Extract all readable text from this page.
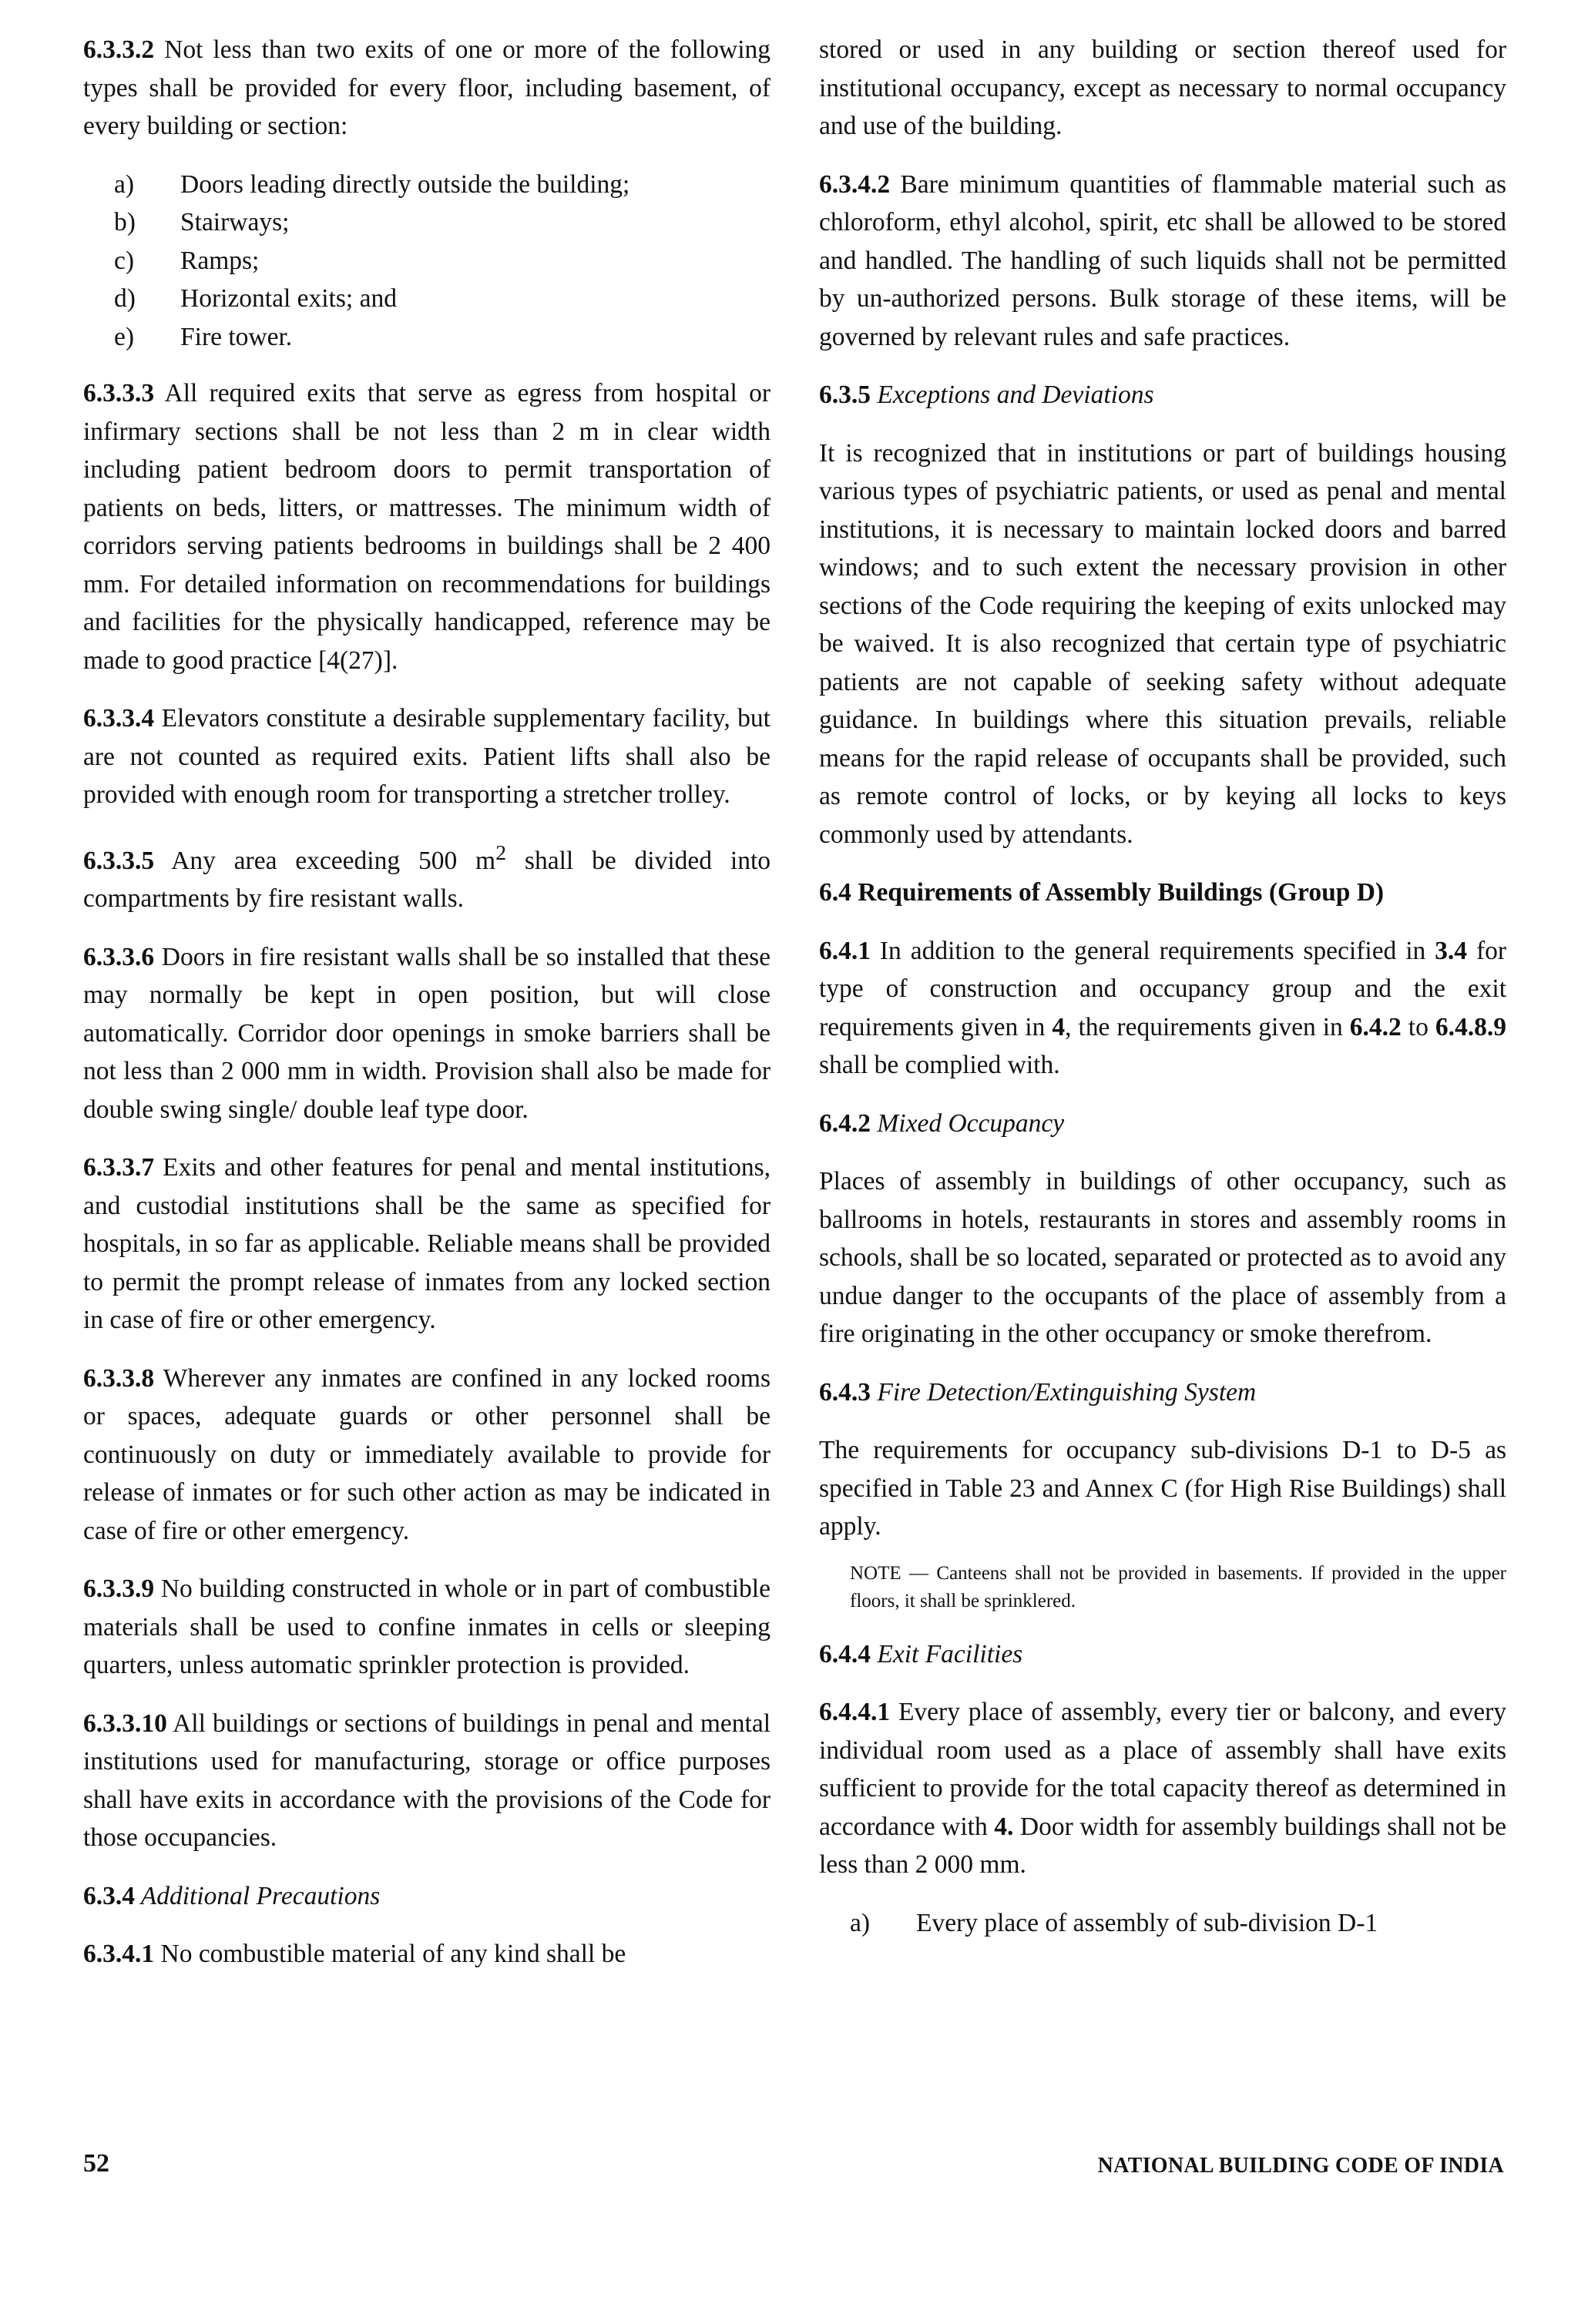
6.3.3.2 Not less than two exits of one or more of the following types shall be provided for every floor, including basement, of every building or section:

a)	Doors leading directly outside the building;
b)	Stairways;
c)	Ramps;
d)	Horizontal exits; and
e)	Fire tower.

6.3.3.3 All required exits that serve as egress from hospital or infirmary sections shall be not less than 2 m in clear width including patient bedroom doors to permit transportation of patients on beds, litters, or mattresses. The minimum width of corridors serving patients bedrooms in buildings shall be 2 400 mm. For detailed information on recommendations for buildings and facilities for the physically handicapped, reference may be made to good practice [4(27)].

6.3.3.4 Elevators constitute a desirable supplementary facility, but are not counted as required exits. Patient lifts shall also be provided with enough room for transporting a stretcher trolley.

6.3.3.5 Any area exceeding 500 $m^2$ shall be divided into compartments by fire resistant walls.

6.3.3.6 Doors in fire resistant walls shall be so installed that these may normally be kept in open position, but will close automatically. Corridor door openings in smoke barriers shall be not less than 2 000 mm in width. Provision shall also be made for double swing single/ double leaf type door.

6.3.3.7 Exits and other features for penal and mental institutions, and custodial institutions shall be the same as specified for hospitals, in so far as applicable. Reliable means shall be provided to permit the prompt release of inmates from any locked section in case of fire or other emergency.

6.3.3.8 Wherever any inmates are confined in any locked rooms or spaces, adequate guards or other personnel shall be continuously on duty or immediately available to provide for release of inmates or for such other action as may be indicated in case of fire or other emergency.

6.3.3.9 No building constructed in whole or in part of combustible materials shall be used to confine inmates in cells or sleeping quarters, unless automatic sprinkler protection is provided.

6.3.3.10 All buildings or sections of buildings in penal and mental institutions used for manufacturing, storage or office purposes shall have exits in accordance with the provisions of the Code for those occupancies.

6.3.4 Additional Precautions

6.3.4.1 No combustible material of any kind shall be

stored or used in any building or section thereof used for institutional occupancy, except as necessary to normal occupancy and use of the building.

6.3.4.2 Bare minimum quantities of flammable material such as chloroform, ethyl alcohol, spirit, etc shall be allowed to be stored and handled. The handling of such liquids shall not be permitted by un-authorized persons. Bulk storage of these items, will be governed by relevant rules and safe practices.

6.3.5 Exceptions and Deviations

It is recognized that in institutions or part of buildings housing various types of psychiatric patients, or used as penal and mental institutions, it is necessary to maintain locked doors and barred windows; and to such extent the necessary provision in other sections of the Code requiring the keeping of exits unlocked may be waived. It is also recognized that certain type of psychiatric patients are not capable of seeking safety without adequate guidance. In buildings where this situation prevails, reliable means for the rapid release of occupants shall be provided, such as remote control of locks, or by keying all locks to keys commonly used by attendants.

6.4 Requirements of Assembly Buildings (Group D)

6.4.1 In addition to the general requirements specified in 3.4 for type of construction and occupancy group and the exit requirements given in 4, the requirements given in 6.4.2 to 6.4.8.9 shall be complied with.

6.4.2 Mixed Occupancy

Places of assembly in buildings of other occupancy, such as ballrooms in hotels, restaurants in stores and assembly rooms in schools, shall be so located, separated or protected as to avoid any undue danger to the occupants of the place of assembly from a fire originating in the other occupancy or smoke therefrom.

6.4.3 Fire Detection/Extinguishing System

The requirements for occupancy sub-divisions D-1 to D-5 as specified in Table 23 and Annex C (for High Rise Buildings) shall apply.

NOTE — Canteens shall not be provided in basements. If provided in the upper floors, it shall be sprinklered.

6.4.4 Exit Facilities

6.4.4.1 Every place of assembly, every tier or balcony, and every individual room used as a place of assembly shall have exits sufficient to provide for the total capacity thereof as determined in accordance with 4. Door width for assembly buildings shall not be less than 2 000 mm.

a)	Every place of assembly of sub-division D-1
52	NATIONAL BUILDING CODE OF INDIA
